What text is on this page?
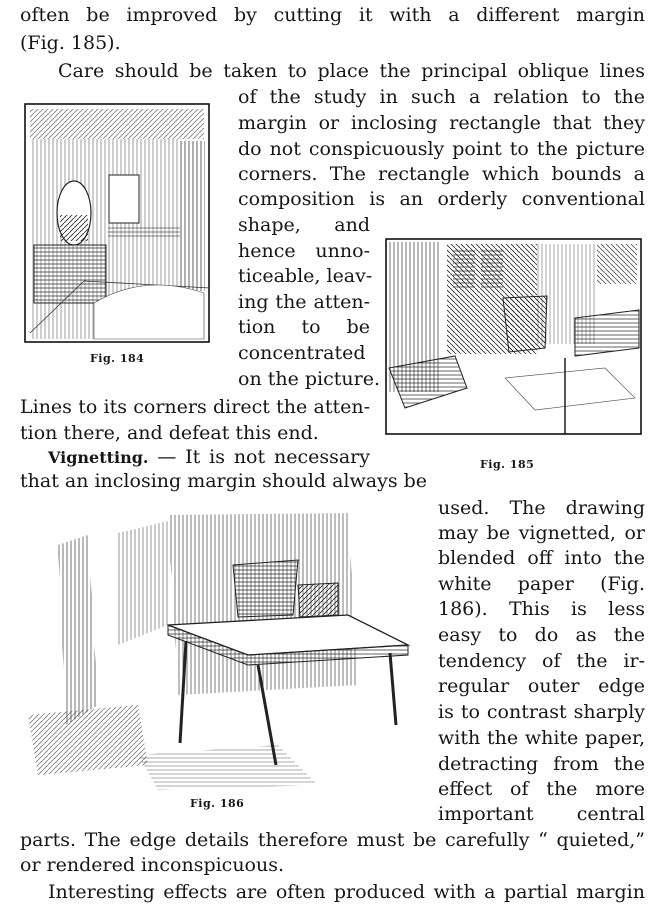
often be improved by cutting it with a different margin
(Fig. 185).
Care should be taken to place the principal oblique lines
Fig. 184
of the study in such a relation to the
margin or inclosing rectangle that they
do not conspicuously point to the picture
corners. The rectangle which bounds a
composition is an orderly conventional
shape, and
hence unno-
ticeable, leav-
ing the atten-
tion to be
concentrated
on the picture.
Fig. 185
Lines to its corners direct the atten-
tion there, and defeat this end.
Vignetting. — It is not necessary
that an inclosing margin should always be
Fig. 186
used. The drawing
may be vignetted, or
blended off into the
white paper (Fig.
186). This is less
easy to do as the
tendency of the ir-
regular outer edge
is to contrast sharply
with the white paper,
detracting from the
effect of the more
important central
parts. The edge details therefore must be carefully “ quieted,”
or rendered inconspicuous.
Interesting effects are often produced with a partial margin
